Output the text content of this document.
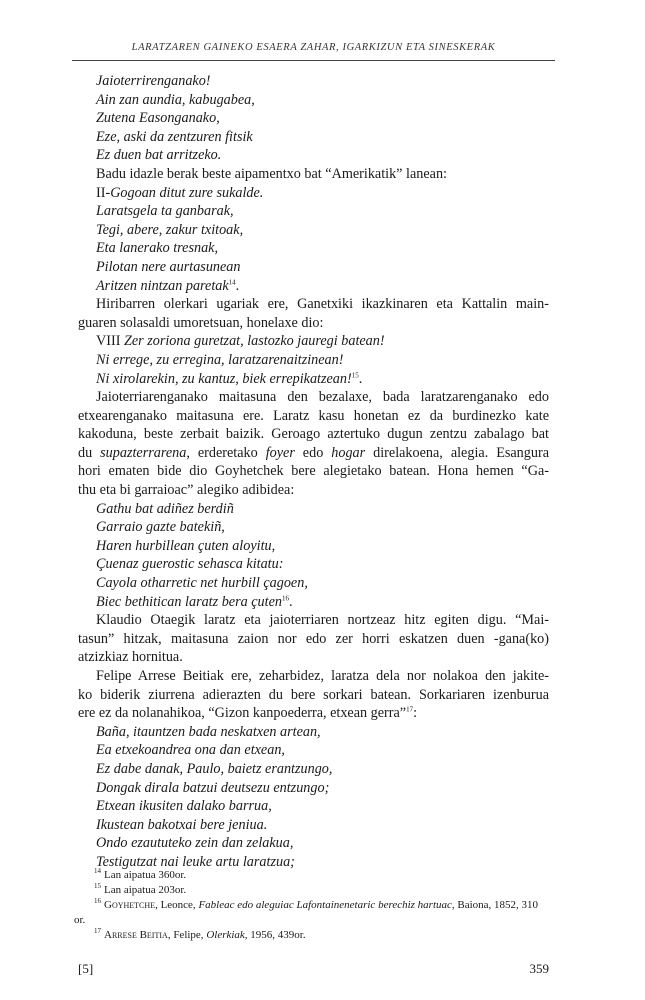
LARATZAREN GAINEKO ESAERA ZAHAR, IGARKIZUN ETA SINESKERAK
Jaioterrirenganako!
Ain zan aundia, kabugabea,
Zutena Easonganako,
Eze, aski da zentzuren fitsik
Ez duen bat arritzeko.
Badu idazle berak beste aipamentxo bat “Amerikatik” lanean:
II-Gogoan ditut zure sukalde.
Laratsgela ta ganbarak,
Tegi, abere, zakur txitoak,
Eta lanerako tresnak,
Pilotan nere aurtasunean
Aritzen nintzan paretak$^{14}$.
Hiribarren olerkari ugariak ere, Ganetxiki ikazkinaren eta Kattalin main-
guaren solasaldi umoretsuan, honelaxe dio:
VIII Zer zoriona guretzat, lastozko jauregi batean!
Ni errege, zu erregina, laratzarenaitzinean!
Ni xirolarekin, zu kantuz, biek errepikatzean!$^{15}$.
Jaioterriarenganako maitasuna den bezalaxe, bada laratzarenganako edo
etxearenganako maitasuna ere. Laratz kasu honetan ez da burdinezko kate
kakoduna, beste zerbait baizik. Geroago aztertuko dugun zentzu zabalago bat
du supazterrarena, erderetako foyer edo hogar direlakoena, alegia. Esangura
hori ematen bide dio Goyhetchek bere alegietako batean. Hona hemen “Ga-
thu eta bi garraioac” alegiko adibidea:
Gathu bat adiñez berdiñ
Garraio gazte batekiñ,
Haren hurbillean çuten aloyitu,
Çuenaz guerostic sehasca kitatu:
Cayola otharretic net hurbill çagoen,
Biec bethitican laratz bera çuten$^{16}$.
Klaudio Otaegik laratz eta jaioterriaren nortzeaz hitz egiten digu. “Mai-
tasun” hitzak, maitasuna zaion nor edo zer horri eskatzen duen -gana(ko)
atzizkiaz hornitua.
Felipe Arrese Beitiak ere, zeharbidez, laratza dela nor nolakoa den jakite-
ko biderik ziurrena adierazten du bere sorkari batean. Sorkariaren izenburua
ere ez da nolanahikoa, “Gizon kanpoederra, etxean gerra”$^{17}$:
Baña, itauntzen bada neskatxen artean,
Ea etxekoandrea ona dan etxean,
Ez dabe danak, Paulo, baietz erantzungo,
Dongak dirala batzui deutsezu entzungo;
Etxean ikusiten dalako barrua,
Ikustean bakotxai bere jeniua.
Ondo ezaututeko zein dan zelakua,
Testigutzat nai leuke artu laratzua;
$^{14}$ Lan aipatua 360or.
$^{15}$ Lan aipatua 203or.
$^{16}$ Goyhetche, Leonce, Fableac edo aleguiac Lafontainenetaric berechiz hartuac, Baiona, 1852, 310
or.
$^{17}$ Arrese Beitia, Felipe, Olerkiak, 1956, 439or.
[5]	359
